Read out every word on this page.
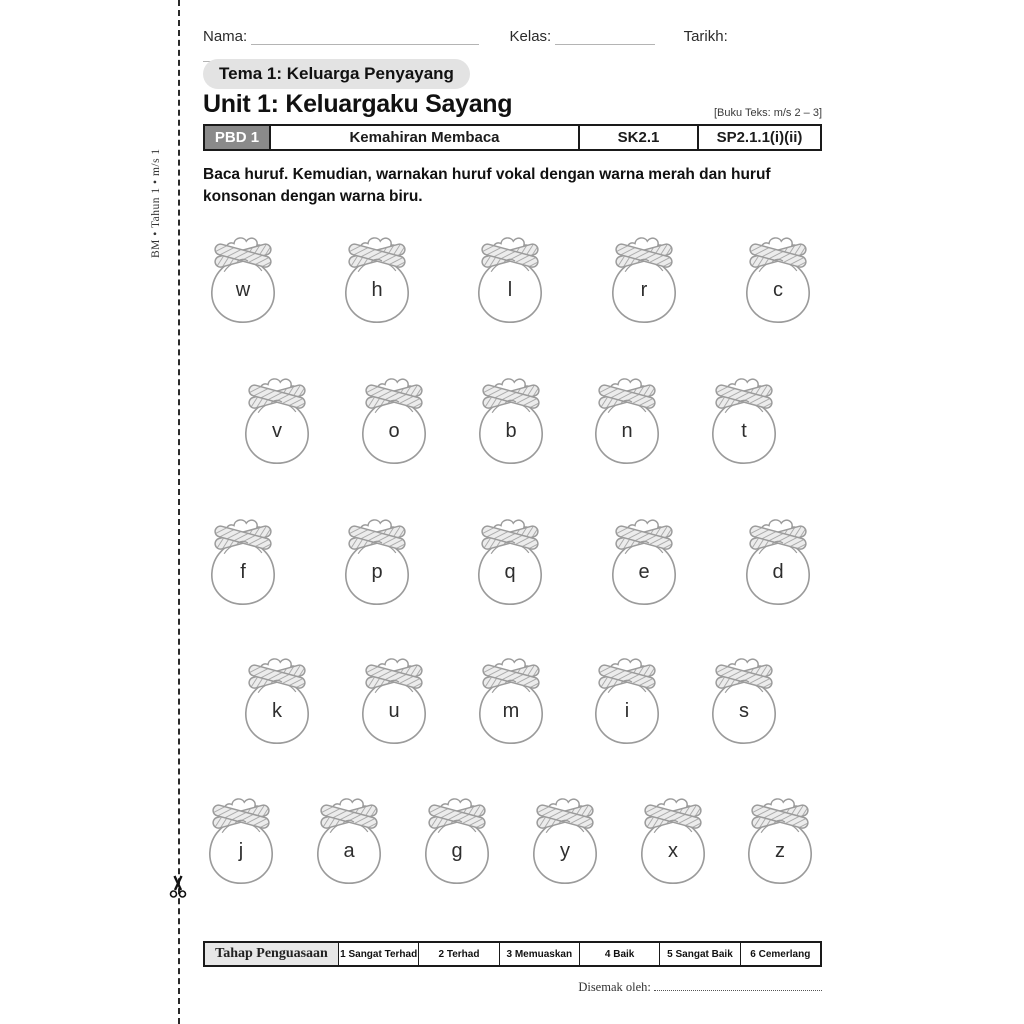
BM • Tahun 1 • m/s 1
Nama:	Kelas:	Tarikh:
Tema 1: Keluarga Penyayang
Unit 1: Keluargaku Sayang	[Buku Teks: m/s 2 – 3]
PBD 1	Kemahiran Membaca	SK2.1	SP2.1.1(i)(ii)
Baca huruf. Kemudian, warnakan huruf vokal dengan warna merah dan huruf konsonan dengan warna biru.
w	h	l	r	c
v	o	b	n	t
f	p	q	e	d
k	u	m	i	s
j	a	g	y	x	z
Tahap Penguasaan	1 Sangat Terhad	2 Terhad	3 Memuaskan	4 Baik	5 Sangat Baik	6 Cemerlang
Disemak oleh:
